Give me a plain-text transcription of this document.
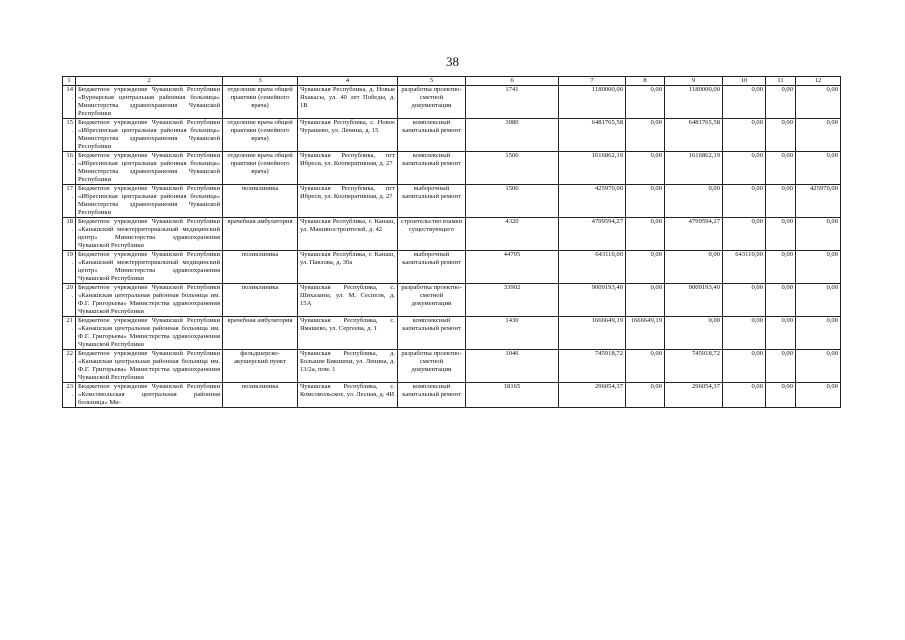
38
1	2	3	4	5	6	7	8	9	10	11	12
14.	Бюджетное учреждение Чувашской Республики «Вурнарская центральная районная больница» Министерства здравоохранения Чувашской Республики	отделение врача общей практики (семейного врача)	Чувашская Республика, д. Новые Яхакасы, ул. 40 лет Победы, д. 1В	разработка проектно-сметной документации	1741	1180000,00	0,00	1180000,00	0,00	0,00	0,00
15.	Бюджетное учреждение Чувашской Республики «Ибресинская центральная районная больница» Министерства здравоохранения Чувашской Республики	отделение врача общей практики (семейного врача)	Чувашская Республика, с. Новое Чурашево, ул. Ленина, д. 15	комплексный капитальный ремонт	3080	6481765,58	0,00	6481765,58	0,00	0,00	0,00
16.	Бюджетное учреждение Чувашской Республики «Ибресинская центральная районная больница» Министерства здравоохранения Чувашской Республики	отделение врача общей практики (семейного врача)	Чувашская Республика, пгт Ибреси, ул. Кооперативная, д. 27	комплексный капитальный ремонт	1506	1616862,19	0,00	1616862,19	0,00	0,00	0,00
17.	Бюджетное учреждение Чувашской Республики «Ибресинская центральная районная больница» Министерства здравоохранения Чувашской Республики	поликлиника	Чувашская Республика, пгт Ибреси, ул. Кооперативная, д. 27	выборочный капитальный ремонт	1506	425970,00	0,00	0,00	0,00	0,00	425970,00
18.	Бюджетное учреждение Чувашской Республики «Канашский межтерриториальный медицинский центр» Министерства здравоохранения Чувашской Республики	врачебная амбулатория	Чувашская Республика, г. Канаш, ул. Машиностроителей, д. 42	строительство взамен существующего	4320	4799594,27	0,00	4799594,27	0,00	0,00	0,00
19.	Бюджетное учреждение Чувашской Республики «Канашский межтерриториальный медицинский центр» Министерства здравоохранения Чувашской Республики	поликлиника	Чувашская Республика, г. Канаш, ул. Павлова, д. 30а	выборочный капитальный ремонт	44795	643110,00	0,00	0,00	643110,00	0,00	0,00
20.	Бюджетное учреждение Чувашской Республики «Канашская центральная районная больница им. Ф.Г. Григорьева» Министерства здравоохранения Чувашской Республики	поликлиника	Чувашская Республика, с. Шихазаны, ул. М. Сеспеля, д. 15А	разработка проектно-сметной документации	33902	9009193,40	0,00	9009193,40	0,00	0,00	0,00
21.	Бюджетное учреждение Чувашской Республики «Канашская центральная районная больница им. Ф.Г. Григорьева» Министерства здравоохранения Чувашской Республики	врачебная амбулатория	Чувашская Республика, с. Ямашево, ул. Сергеева, д. 1	комплексный капитальный ремонт	1430	1666649,19	1666649,19	0,00	0,00	0,00	0,00
22.	Бюджетное учреждение Чувашской Республики «Канашская центральная районная больница им. Ф.Г. Григорьева» Министерства здравоохранения Чувашской Республики	фельдшерско-акушерский пункт	Чувашская Республика, д. Большие Бикшихи, ул. Ленина, д. 13/2а, пом. 1	разработка проектно-сметной документации	1046	745918,72	0,00	745918,72	0,00	0,00	0,00
23.	Бюджетное учреждение Чувашской Республики «Комсомольская центральная районная больница» Ми-	поликлиника	Чувашская Республика, с. Комсомольское, ул. Лесная, д. 4И	комплексный капитальный ремонт	18165	296054,37	0,00	296054,37	0,00	0,00	0,00
